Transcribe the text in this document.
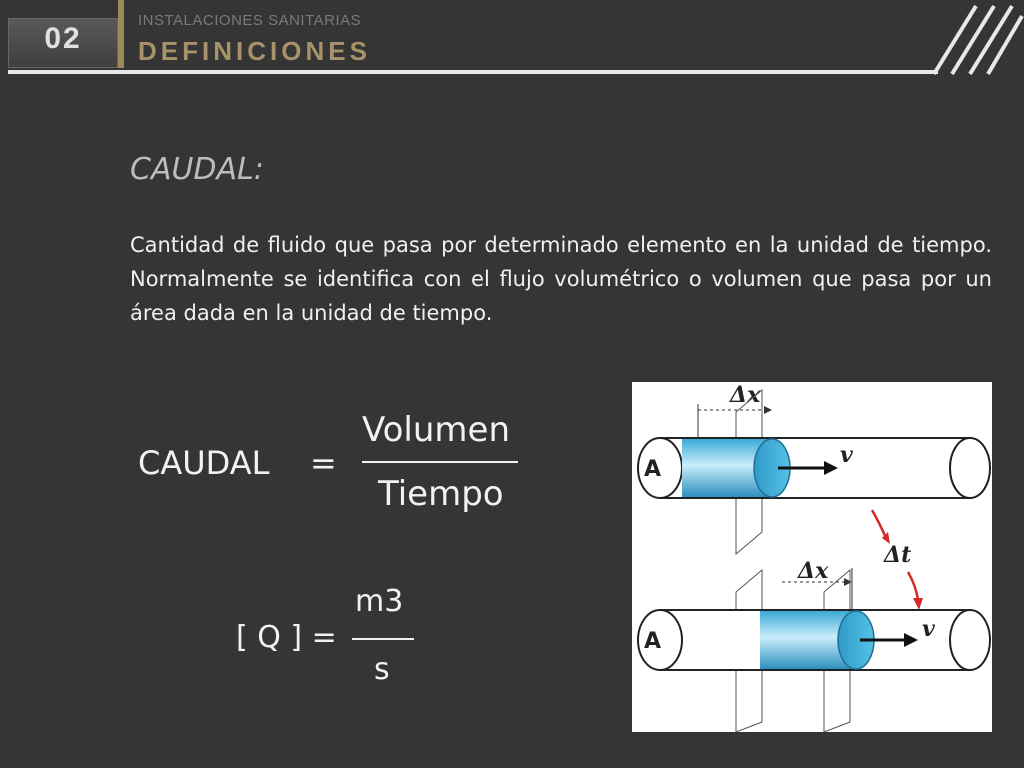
02
INSTALACIONES SANITARIAS
DEFINICIONES
CAUDAL:
Cantidad de fluido que pasa por determinado elemento en la unidad de tiempo. Normalmente se identifica con el flujo volumétrico o volumen que pasa por un área dada en la unidad de tiempo.
CAUDAL =
Volumen
Tiempo
[ Q ] =
m3
s
Δx
A
v
Δt
Δx
A	v
